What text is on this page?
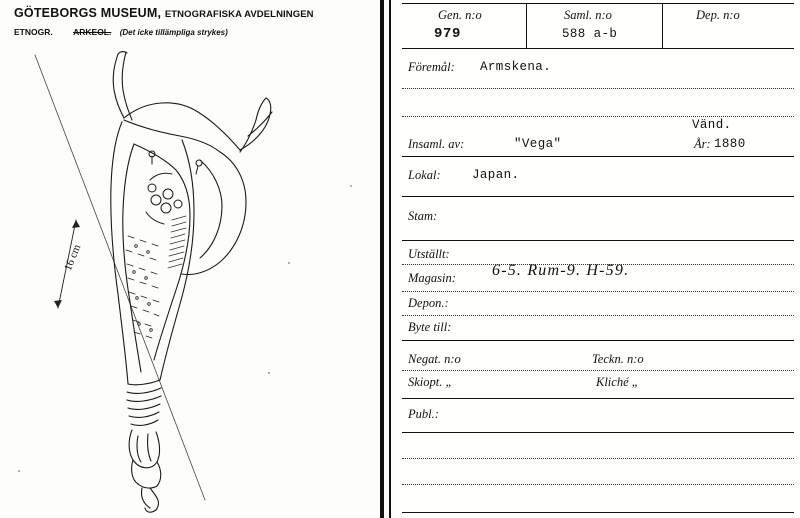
GÖTEBORGS MUSEUM, ETNOGRAFISKA AVDELNINGEN
ETNOGR. ARKEOL. (Det icke tillämpliga strykes)
16 cm
Gen. n:o	Saml. n:o	Dep. n:o
979	588 a-b
Föremål: Armskena.
Vänd.
Insaml. av:	"Vega"	År: 1880
Lokal:	Japan.
Stam:
Utställt:
Magasin: 6-5. Rum-9. H-59.
Depon.:
Byte till:
Negat. n:o	Teckn. n:o
Skiopt. „	Kliché „
Publ.:
